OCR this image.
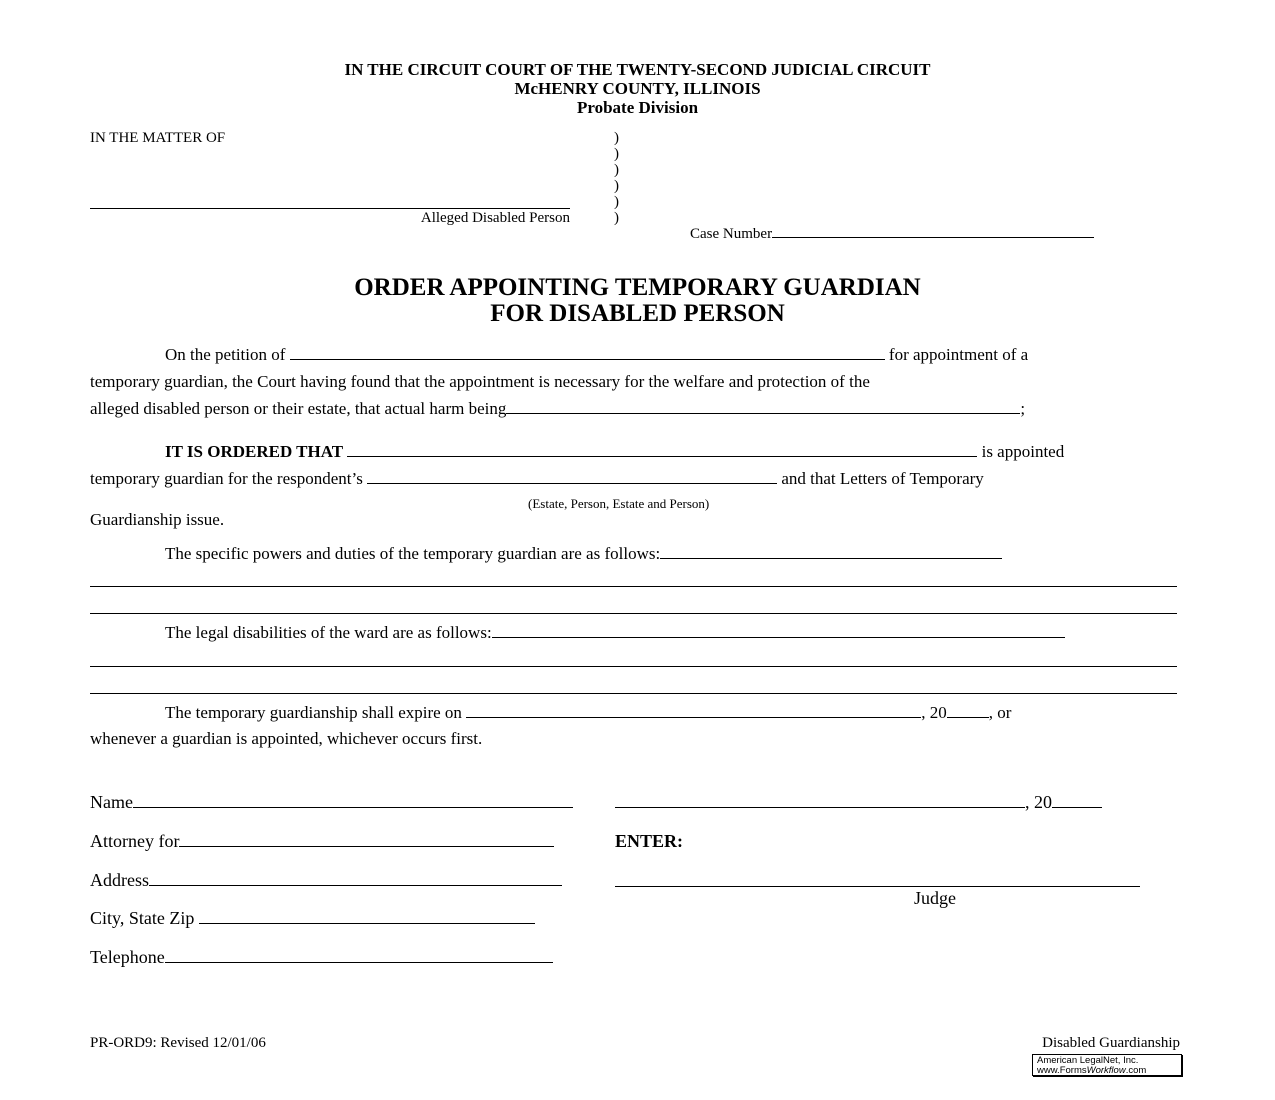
IN THE CIRCUIT COURT OF THE TWENTY-SECOND JUDICIAL CIRCUIT
McHENRY COUNTY, ILLINOIS
Probate Division
IN THE MATTER OF	)
)
)
)
)
)
Alleged Disabled Person
Case Number
ORDER APPOINTING TEMPORARY GUARDIAN
FOR DISABLED PERSON
On the petition of	for appointment of a
temporary guardian, the Court having found that the appointment is necessary for the welfare and protection of the
alleged disabled person or their estate, that actual harm being	;
IT IS ORDERED THAT	is appointed
temporary guardian for the respondent’s	and that Letters of Temporary
(Estate, Person, Estate and Person)
Guardianship issue.
The specific powers and duties of the temporary guardian are as follows:
The legal disabilities of the ward are as follows:
The temporary guardianship shall expire on	, 20 , or
whenever a guardian is appointed, whichever occurs first.
Name
Attorney for
Address
City, State Zip
Telephone
, 20
ENTER:
Judge
PR-ORD9: Revised 12/01/06	Disabled Guardianship
American LegalNet, Inc.
www.FormsWorkflow.com
